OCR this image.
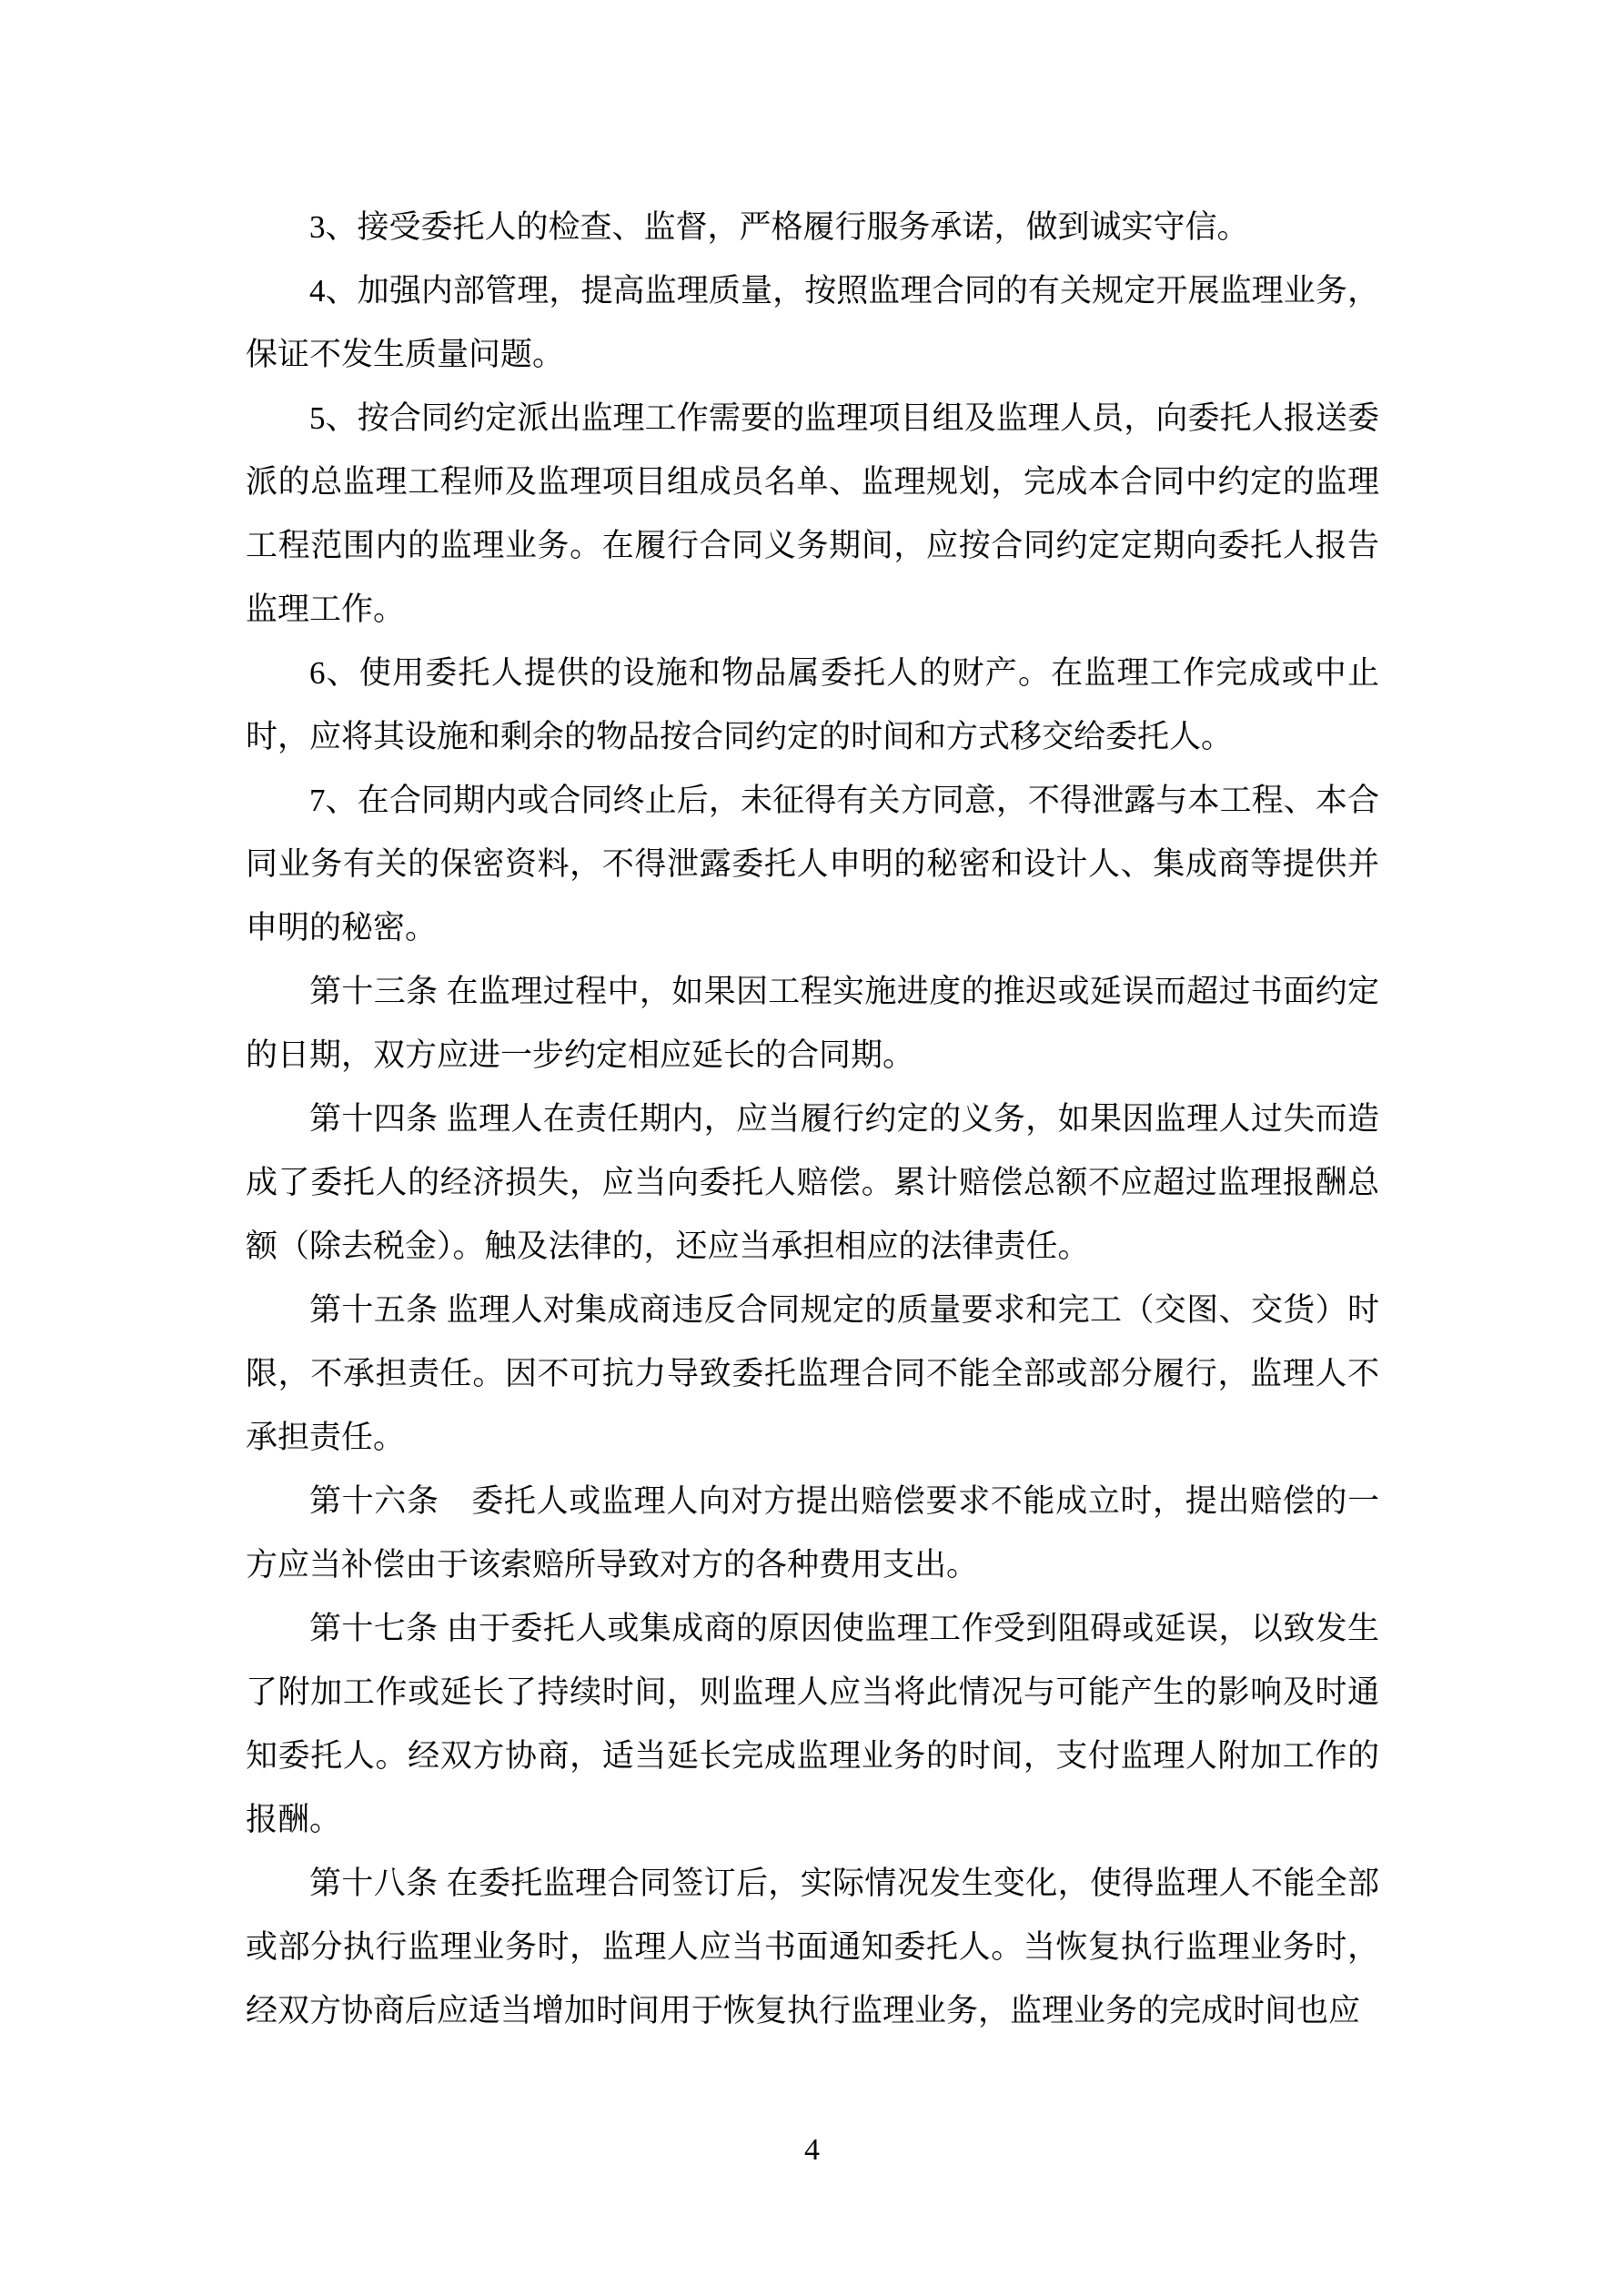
3、接受委托人的检查、监督，严格履行服务承诺，做到诚实守信。

4、加强内部管理，提高监理质量，按照监理合同的有关规定开展监理业务，保证不发生质量问题。

5、按合同约定派出监理工作需要的监理项目组及监理人员，向委托人报送委派的总监理工程师及监理项目组成员名单、监理规划，完成本合同中约定的监理工程范围内的监理业务。在履行合同义务期间，应按合同约定定期向委托人报告监理工作。

6、使用委托人提供的设施和物品属委托人的财产。在监理工作完成或中止时，应将其设施和剩余的物品按合同约定的时间和方式移交给委托人。

7、在合同期内或合同终止后，未征得有关方同意，不得泄露与本工程、本合同业务有关的保密资料，不得泄露委托人申明的秘密和设计人、集成商等提供并申明的秘密。

第十三条 在监理过程中，如果因工程实施进度的推迟或延误而超过书面约定的日期，双方应进一步约定相应延长的合同期。

第十四条 监理人在责任期内，应当履行约定的义务，如果因监理人过失而造成了委托人的经济损失，应当向委托人赔偿。累计赔偿总额不应超过监理报酬总额（除去税金）。触及法律的，还应当承担相应的法律责任。

第十五条 监理人对集成商违反合同规定的质量要求和完工（交图、交货）时限，不承担责任。因不可抗力导致委托监理合同不能全部或部分履行，监理人不承担责任。

第十六条　委托人或监理人向对方提出赔偿要求不能成立时，提出赔偿的一方应当补偿由于该索赔所导致对方的各种费用支出。

第十七条 由于委托人或集成商的原因使监理工作受到阻碍或延误，以致发生了附加工作或延长了持续时间，则监理人应当将此情况与可能产生的影响及时通知委托人。经双方协商，适当延长完成监理业务的时间，支付监理人附加工作的报酬。

第十八条 在委托监理合同签订后，实际情况发生变化，使得监理人不能全部或部分执行监理业务时，监理人应当书面通知委托人。当恢复执行监理业务时，经双方协商后应适当增加时间用于恢复执行监理业务，监理业务的完成时间也应

4
